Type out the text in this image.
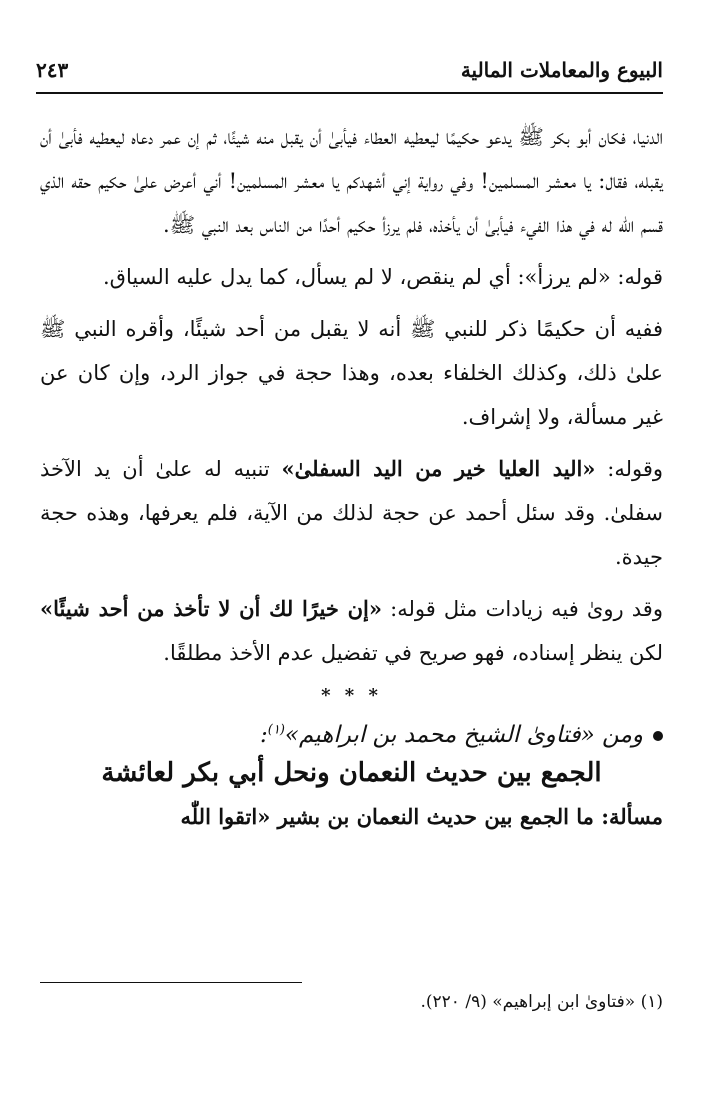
البيوع والمعاملات المالية
٢٤٣

الدنيا، فكان أبو بكر ﷺ يدعو حكيمًا ليعطيه العطاء فيأبىٰ أن يقبل منه شيئًا، ثم إن عمر دعاه ليعطيه فأبىٰ أن يقبله، فقال: يا معشر المسلمين! وفي رواية إني أشهدكم يا معشر المسلمين! أني أعرض علىٰ حكيم حقه الذي قسم اللّٰه له في هذا الفيء فيأبىٰ أن يأخذه، فلم يرزأ حكيم أحدًا من الناس بعد النبي ﷺ.

قوله: «لم يرزأ»: أي لم ينقص، لا لم يسأل، كما يدل عليه السياق.

ففيه أن حكيمًا ذكر للنبي ﷺ أنه لا يقبل من أحد شيئًا، وأقره النبي ﷺ علىٰ ذلك، وكذلك الخلفاء بعده، وهذا حجة في جواز الرد، وإن كان عن غير مسألة، ولا إشراف.

وقوله: «اليد العليا خير من اليد السفلىٰ» تنبيه له علىٰ أن يد الآخذ سفلىٰ. وقد سئل أحمد عن حجة لذلك من الآية، فلم يعرفها، وهذه حجة جيدة.

وقد روىٰ فيه زيادات مثل قوله: «إن خيرًا لك أن لا تأخذ من أحد شيئًا» لكن ينظر إسناده، فهو صريح في تفضيل عدم الأخذ مطلقًا.

* * *
ومن «فتاوىٰ الشيخ محمد بن ابراهيم»$^{(١)}$:
الجمع بين حديث النعمان ونحل أبي بكر لعائشة

مسألة: ما الجمع بين حديث النعمان بن بشير «اتقوا اللّٰه

(١) «فتاوىٰ ابن إبراهيم» (٩/ ٢٢٠).
